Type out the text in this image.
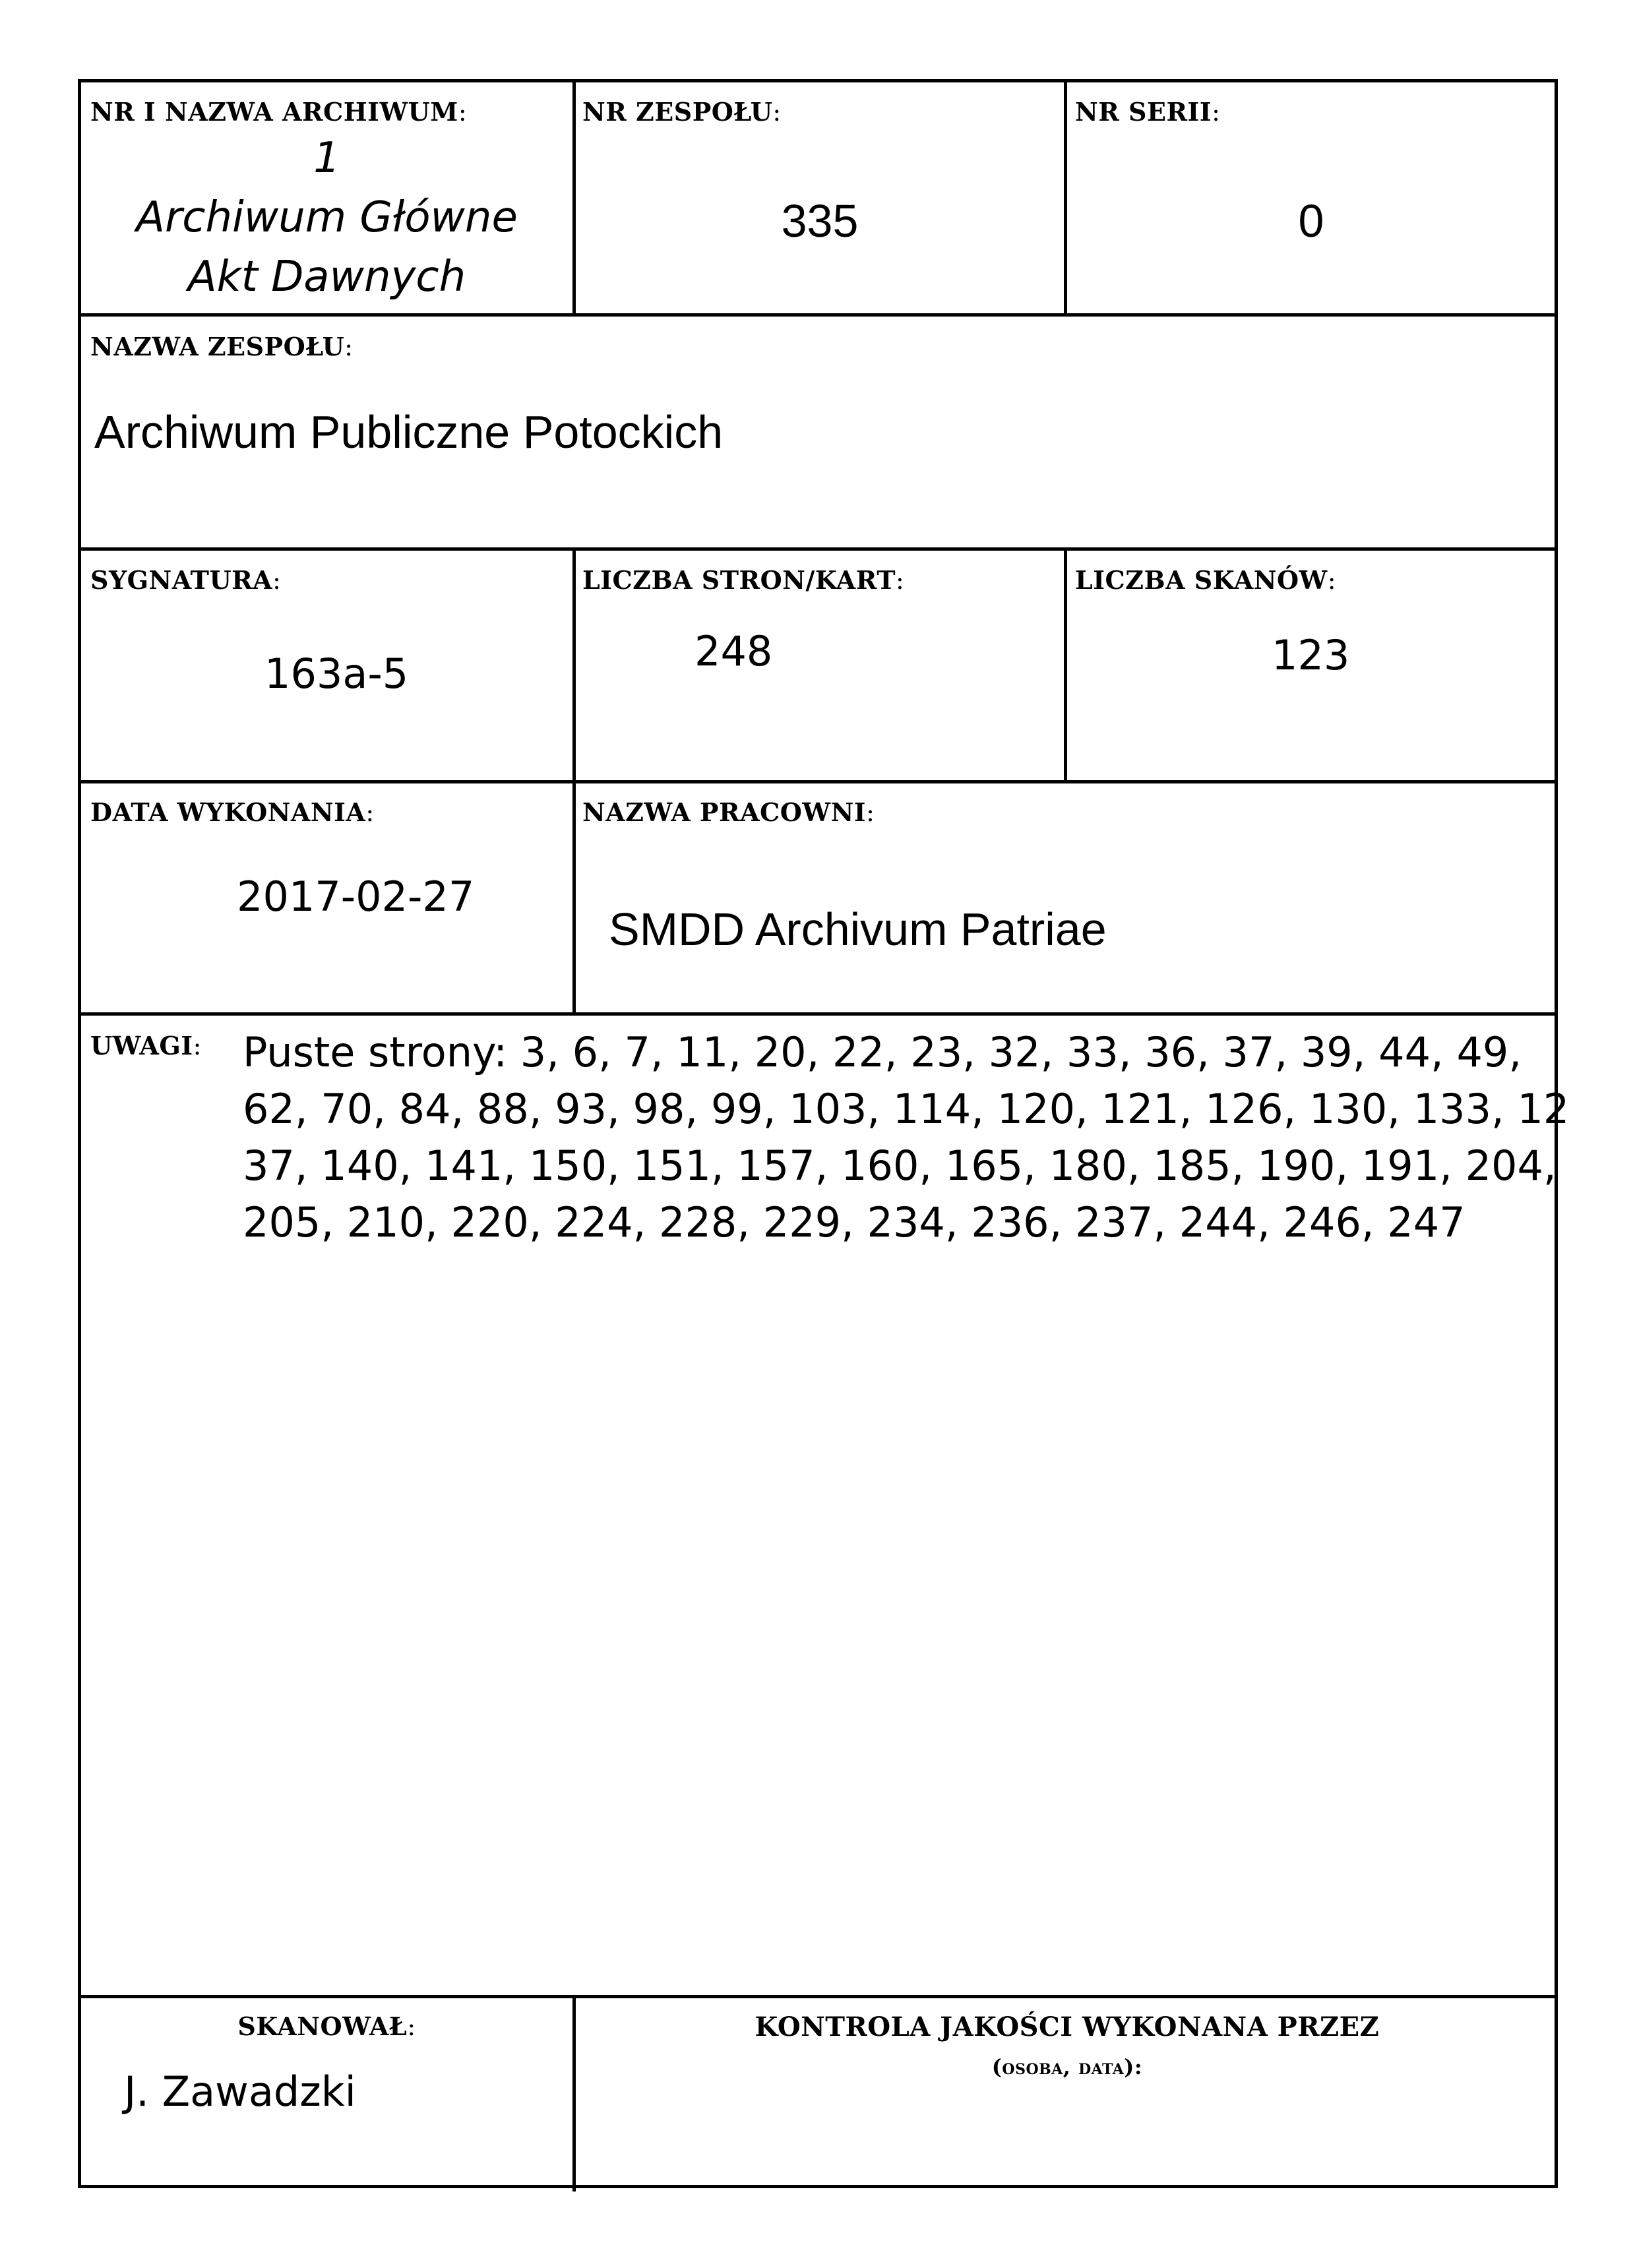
NR I NAZWA ARCHIWUM:
1
Archiwum Główne
Akt Dawnych
NR ZESPOŁU:
335
NR SERII:
0
NAZWA ZESPOŁU:
Archiwum Publiczne Potockich
SYGNATURA:
163a-5
LICZBA STRON/KART:
248
LICZBA SKANÓW:
123
DATA WYKONANIA:
2017-02-27
NAZWA PRACOWNI:
SMDD Archivum Patriae
UWAGI: Puste strony: 3, 6, 7, 11, 20, 22, 23, 32, 33, 36, 37, 39, 44, 49,
62, 70, 84, 88, 93, 98, 99, 103, 114, 120, 121, 126, 130, 133, 12
37, 140, 141, 150, 151, 157, 160, 165, 180, 185, 190, 191, 204,
205, 210, 220, 224, 228, 229, 234, 236, 237, 244, 246, 247
SKANOWAŁ:
J. Zawadzki
KONTROLA JAKOŚCI WYKONANA PRZEZ
(osoba, data):
